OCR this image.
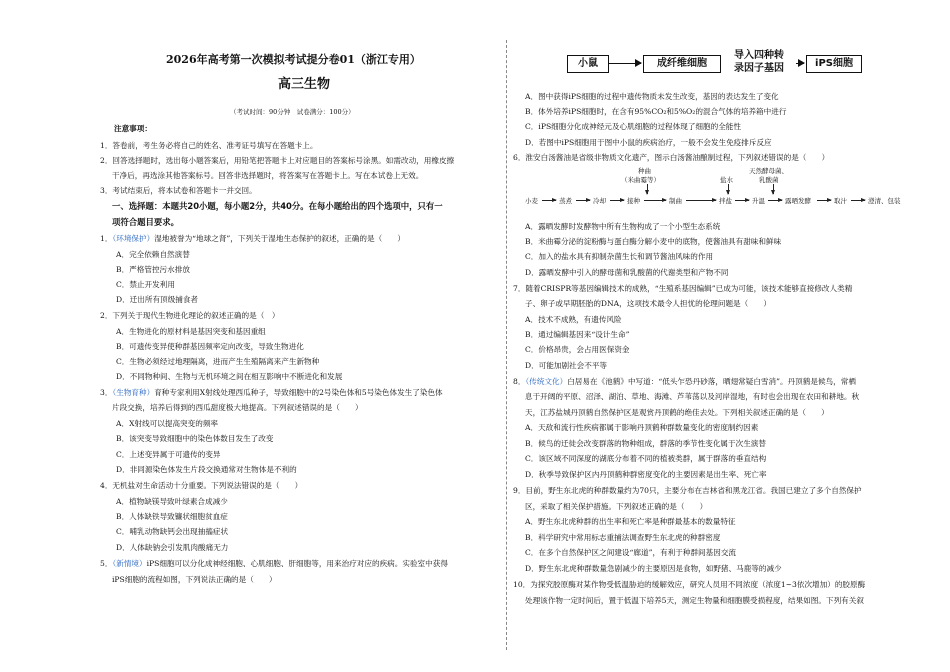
2026年高考第一次模拟考试提分卷01（浙江专用）
高三生物
（考试时间：90分钟　试卷满分：100分）
注意事项：
1．答卷前，考生务必将自己的姓名、准考证号填写在答题卡上。
2．回答选择题时，选出每小题答案后，用铅笔把答题卡上对应题目的答案标号涂黑。如需改动，用橡皮擦
干净后，再选涂其他答案标号。回答非选择题时，将答案写在答题卡上。写在本试卷上无效。
3．考试结束后，将本试卷和答题卡一并交回。
一、选择题：本题共20小题，每小题2分，共40分。在每小题给出的四个选项中，只有一
项符合题目要求。
1．（环境保护）湿地被誉为“地球之肾”，下列关于湿地生态保护的叙述，正确的是（　　）
A．完全依赖自然演替
B．严格管控污水排放
C．禁止开发利用
D．迁出所有顶级捕食者
2．下列关于现代生物进化理论的叙述正确的是（　）
A．生物进化的原材料是基因突变和基因重组
B．可遗传变异使种群基因频率定向改变，导致生物进化
C．生物必须经过地理隔离，进而产生生殖隔离来产生新物种
D．不同物种间、生物与无机环境之间在相互影响中不断进化和发展
3．（生物育种）育种专家利用X射线处理西瓜种子，导致细胞中的2号染色体和5号染色体发生了染色体
片段交换，培养后得到的西瓜甜度极大地提高。下列叙述错误的是（　　）
A．X射线可以提高突变的频率
B．该突变导致细胞中的染色体数目发生了改变
C．上述变异属于可遗传的变异
D．非同源染色体发生片段交换通常对生物体是不利的
4．无机盐对生命活动十分重要。下列说法错误的是（　　）
A．植物缺镁导致叶绿素合成减少
B．人体缺铁导致镰状细胞贫血症
C．哺乳动物缺钙会出现抽搐症状
D．人体缺钠会引发肌肉酸痛无力
5．（新情境）iPS细胞可以分化成神经细胞、心肌细胞、肝细胞等，用来治疗对应的疾病。实验室中获得
iPS细胞的流程如图，下列说法正确的是（　　）
小鼠	成纤维细胞
导入四种转
录因子基因	iPS细胞
A．图中获得iPS细胞的过程中遗传物质未发生改变，基因的表达发生了变化
B．体外培养iPS细胞时，在含有95%CO₂和5%O₂的混合气体的培养箱中进行
C．iPS细胞分化成神经元及心肌细胞的过程体现了细胞的全能性
D．若图中iPS细胞用于图中小鼠的疾病治疗，一般不会发生免疫排斥反应
6．淮安白汤酱油是省级非物质文化遗产，图示白汤酱油酿制过程，下列叙述错误的是（　　）
种曲
（米曲霉等）	盐水
天然酵母菌、
乳酸菌
小麦	蒸煮	冷却	接种	制曲	拌盐	升温	露晒发酵	取汁	澄清、包装
A．露晒发酵时发酵物中所有生物构成了一个小型生态系统
B．米曲霉分泌的淀粉酶与蛋白酶分解小麦中的底物，使酱油具有甜味和鲜味
C．加入的盐水具有抑制杂菌生长和调节酱油风味的作用
D．露晒发酵中引入的酵母菌和乳酸菌的代谢类型和产物不同
7．随着CRISPR等基因编辑技术的成熟，“生殖系基因编辑”已成为可能，该技术能够直接修改人类精
子、卵子或早期胚胎的DNA，这项技术最令人担忧的伦理问题是（　　）
A．技术不成熟，有遗传风险
B．通过编辑基因来“设计生命”
C．价格昂贵，会占用医保资金
D．可能加剧社会不平等
8．（传统文化）白居易在《池鹤》中写道：“低头乍恐丹砂落，晒翅常疑白雪消”。丹顶鹤是候鸟，常栖
息于开阔的平原、沼泽、湖泊、草地、海滩、芦苇荡以及河岸湿地，有时也会出现在农田和耕地。秋
天，江苏盐城丹顶鹤自然保护区是观赏丹顶鹤的绝佳去处。下列相关叙述正确的是（　　）
A．天敌和流行性疾病都属于影响丹顶鹤种群数量变化的密度制约因素
B．候鸟的迁徙会改变群落的物种组成，群落的季节性变化属于次生演替
C．该区域不同深度的湖底分布着不同的植被类群，属于群落的垂直结构
D．秋季导致保护区内丹顶鹤种群密度变化的主要因素是出生率、死亡率
9．目前，野生东北虎的种群数量约为70只，主要分布在吉林省和黑龙江省。我国已建立了多个自然保护
区，采取了相关保护措施。下列叙述正确的是（　　）
A．野生东北虎种群的出生率和死亡率是种群最基本的数量特征
B．科学研究中常用标志重捕法调查野生东北虎的种群密度
C．在多个自然保护区之间建设“廊道”，有利于种群间基因交流
D．野生东北虎种群数量急剧减少的主要原因是食物，如野猪、马鹿等的减少
10．为探究胶原酶对某作物受低温胁迫的缓解效应，研究人员用不同浓度（浓度1~3依次增加）的胶原酶
处理该作物一定时间后，置于低温下培养5天，测定生物量和细胞膜受损程度，结果如图。下列有关叙
